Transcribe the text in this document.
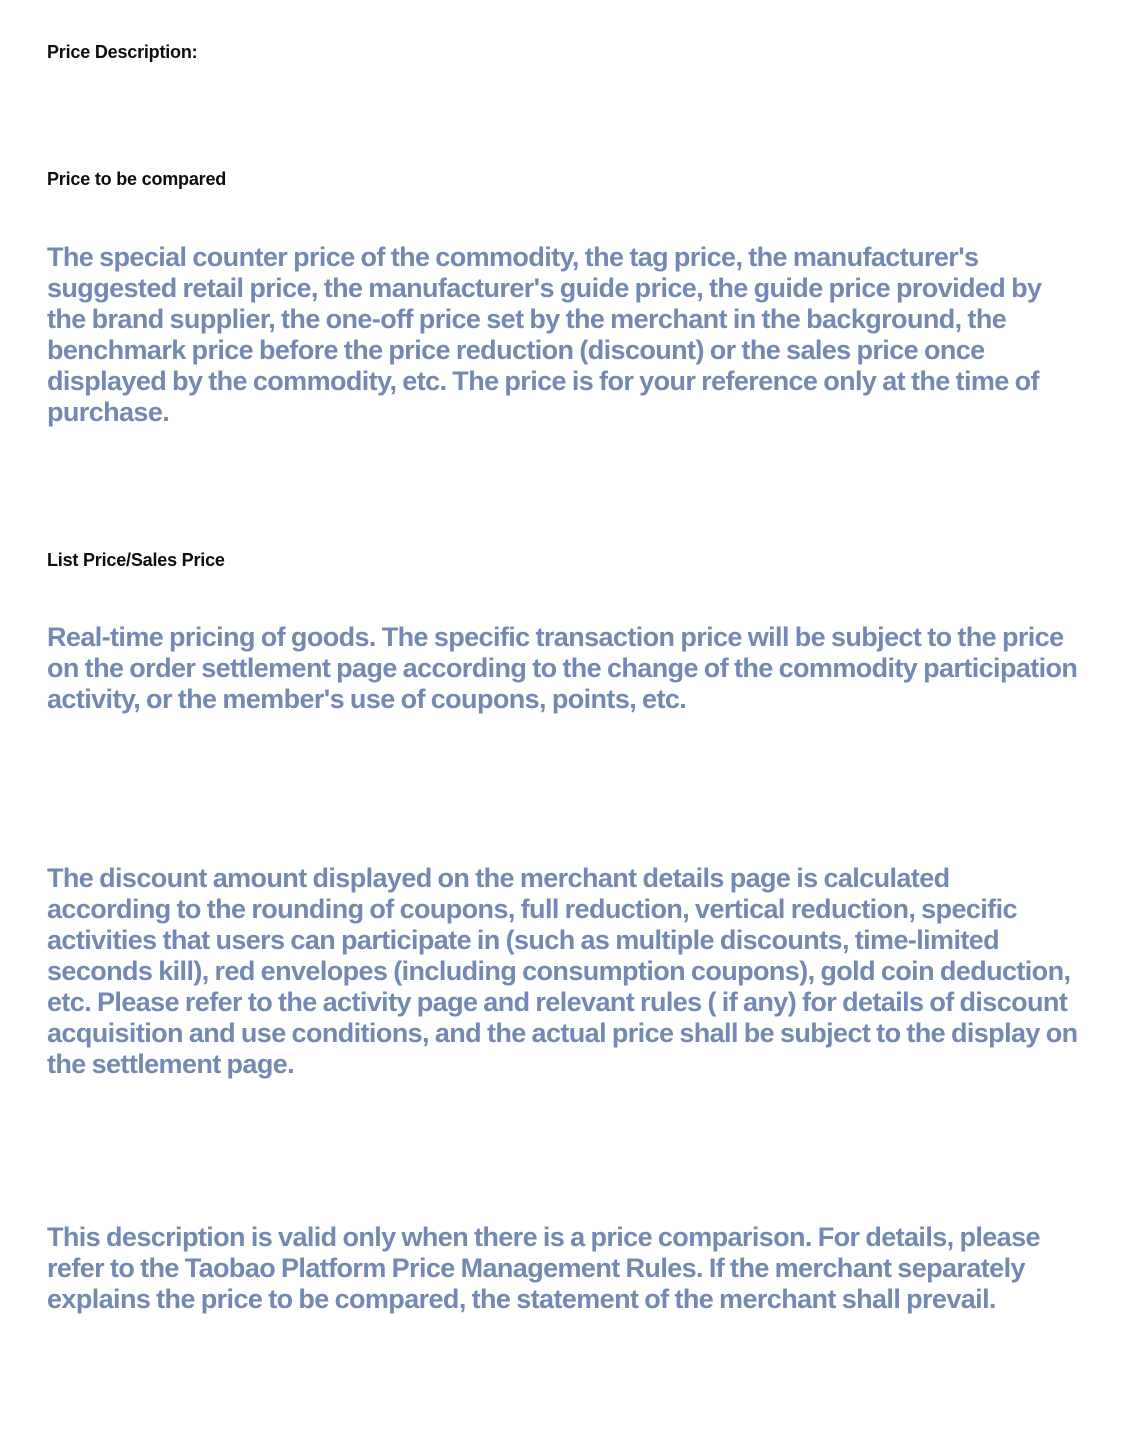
Price Description:
Price to be compared

The special counter price of the commodity, the tag price, the manufacturer's suggested retail price, the manufacturer's guide price, the guide price provided by the brand supplier, the one-off price set by the merchant in the background, the benchmark price before the price reduction (discount) or the sales price once displayed by the commodity, etc. The price is for your reference only at the time of purchase.

List Price/Sales Price

Real-time pricing of goods. The specific transaction price will be subject to the price on the order settlement page according to the change of the commodity participation activity, or the member's use of coupons, points, etc.

The discount amount displayed on the merchant details page is calculated according to the rounding of coupons, full reduction, vertical reduction, specific activities that users can participate in (such as multiple discounts, time-limited seconds kill), red envelopes (including consumption coupons), gold coin deduction, etc. Please refer to the activity page and relevant rules ( if any) for details of discount acquisition and use conditions, and the actual price shall be subject to the display on the settlement page.

This description is valid only when there is a price comparison. For details, please refer to the Taobao Platform Price Management Rules. If the merchant separately explains the price to be compared, the statement of the merchant shall prevail.
